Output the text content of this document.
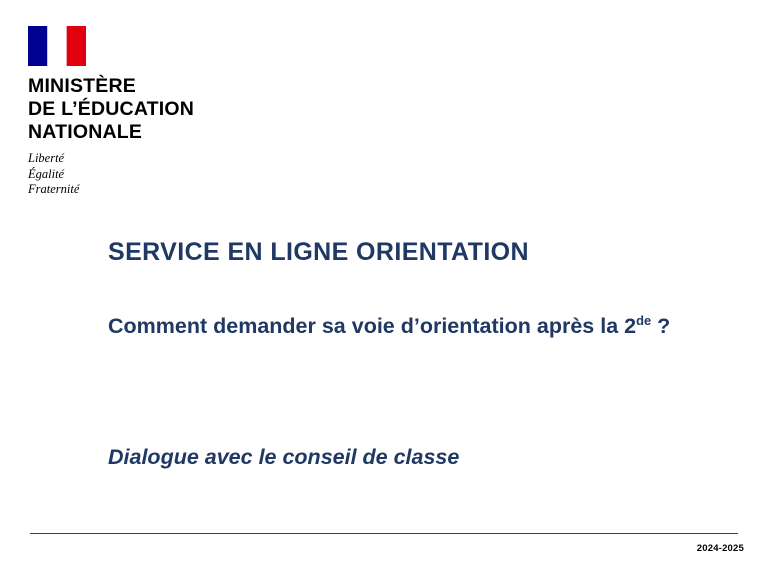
MINISTÈRE
DE L’ÉDUCATION
NATIONALE
Liberté
Égalité
Fraternité
SERVICE EN LIGNE ORIENTATION
Comment demander sa voie d’orientation après la 2de ?
Dialogue avec le conseil de classe
2024-2025
